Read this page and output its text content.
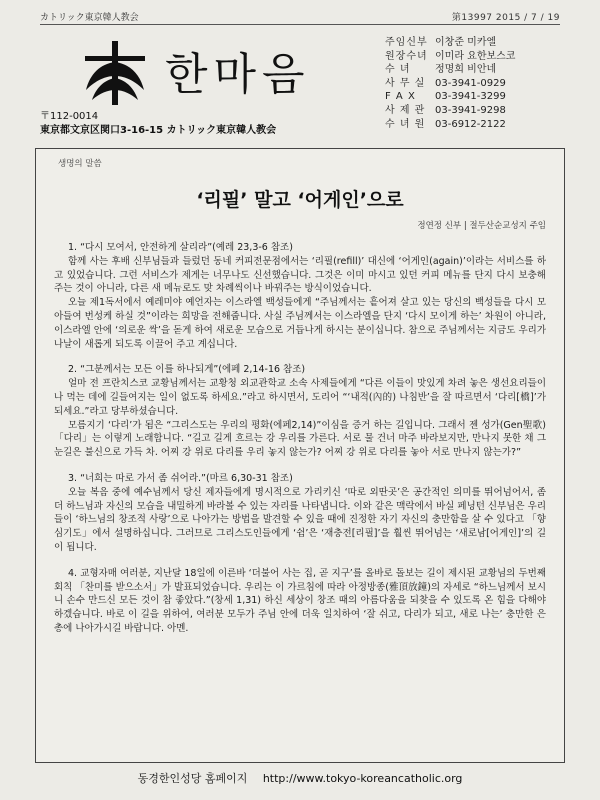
カトリック東京韓人教会	第13997 2015 / 7 / 19
한마음
주임신부 이창준 미카엘
원장수녀 이미라 요한보스코
수 녀	정명희 비안네
사 무 실 03-3941-0929
F A X	03-3941-3299
사 제 관 03-3941-9298
수 녀 원 03-6912-2122
〒112-0014
東京都文京区関口3-16-15 カトリック東京韓人教会
생명의 말씀
‘리필’ 말고 ‘어게인’으로
정연정 신부 | 절두산순교성지 주임

1. “다시 모여서, 안전하게 살리라”(예레 23,3-6 참조)

함께 사는 후배 신부님들과 들렀던 동네 커피전문점에서는 ‘리필(refill)’ 대신에 ‘어게인(again)’이라는 서비스를 하고 있었습니다. 그런 서비스가 제게는 너무나도 신선했습니다. 그것은 이미 마시고 있던 커피 메뉴를 단지 다시 보충해 주는 것이 아니라, 다른 새 메뉴로도 맞 차례씩이나 바꿔주는 방식이었습니다.

오늘 제1독서에서 예레미야 예언자는 이스라엘 백성들에게 “주님께서는 흩어져 살고 있는 당신의 백성들을 다시 모아들여 번성케 하실 것”이라는 희망을 전해줍니다. 사실 주님께서는 이스라엘을 단지 ‘다시 모이게 하는’ 차원이 아니라, 이스라엘 안에 ‘의로운 싹’을 돋게 하여 새로운 모습으로 거듭나게 하시는 분이십니다. 참으로 주님께서는 지금도 우리가 나날이 새롭게 되도록 이끌어 주고 계십니다.

2. “그분께서는 모든 이를 하나되게”(에페 2,14-16 참조)

얼마 전 프란치스코 교황님께서는 교황청 외교관학교 소속 사제들에게 “다른 이들이 맛있게 차려 놓은 생선요리들이나 먹는 데에 길들여지는 일이 없도록 하세요.”라고 하시면서, 도리어 “‘내적(內的) 나침반’을 잘 따르면서 ‘다리[橋]’가 되세요.”라고 당부하셨습니다.

모름지기 ‘다리’가 됨은 “그리스도는 우리의 평화(에페2,14)”이심을 증거 하는 길입니다. 그래서 젠 성가(Gen聖歌) 「다리」는 이렇게 노래합니다. “길고 길게 흐르는 강 우리를 가른다. 서로 물 건너 마주 바라보지만, 만나지 못한 채 그 눈길은 불신으로 가득 차. 어찌 강 위로 다리를 우리 놓지 않는가? 어찌 강 위로 다리를 놓아 서로 만나지 않는가?”

3. “너희는 따로 가서 좀 쉬어라.”(마르 6,30-31 참조)

오늘 복음 중에 예수님께서 당신 제자들에게 명시적으로 가리키신 ‘따로 외딴곳’은 공간적인 의미를 뛰어넘어서, 좀 더 하느님과 자신의 모습을 내밀하게 바라볼 수 있는 자리를 나타냅니다. 이와 같은 맥락에서 바실 페닝턴 신부님은 우리들이 ‘하느님의 창조적 사랑’으로 나아가는 방법을 발견할 수 있을 때에 진정한 자기 자신의 충만함을 살 수 있다고 「향심기도」에서 설명하십니다. 그러므로 그리스도인들에게 ‘쉼’은 ‘재충전[리필]’을 훨씬 뛰어넘는 ‘새로남[어게인]’의 길이 됩니다.

4. 교형자매 여러분, 지난달 18일에 이른바 ‘더불어 사는 집, 곧 지구’를 올바로 돌보는 길이 제시된 교황님의 두번째 회칙 「찬미를 받으소서」가 발표되었습니다. 우리는 이 가르침에 따라 아정방종(雅頂放鐘)의 자세로 “하느님께서 보시니 손수 만드신 모든 것이 참 좋았다.”(창세 1,31) 하신 세상이 창조 때의 아름다움을 되찾을 수 있도록 온 힘을 다해야 하겠습니다. 바로 이 길을 위하여, 여러분 모두가 주님 안에 더욱 일치하여 ‘잘 쉬고, 다리가 되고, 새로 나는’ 충만한 은총에 나아가시길 바랍니다. 아멘.

동경한인성당 홈페이지 http://www.tokyo-koreancatholic.org
